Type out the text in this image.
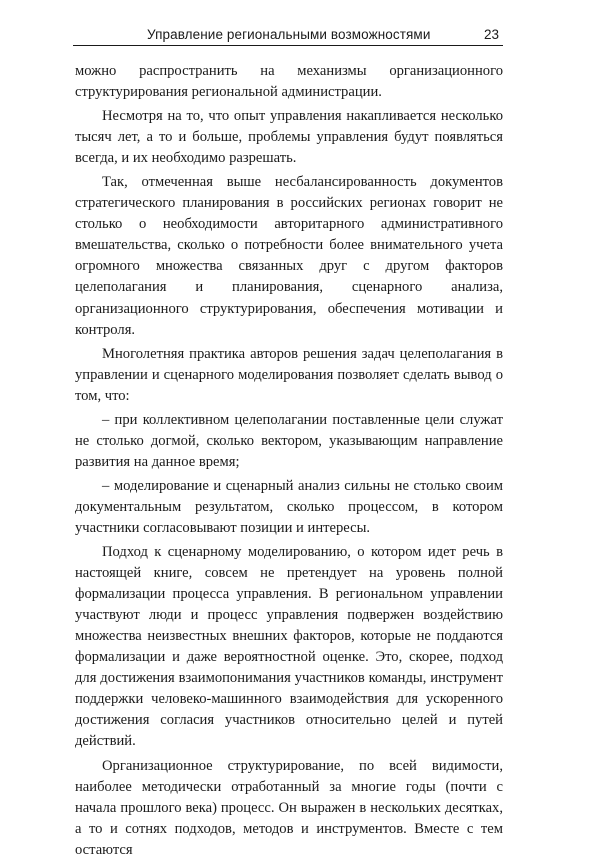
Управление региональными возможностями	23

можно распространить на механизмы организационного структурирования региональной администрации.

Несмотря на то, что опыт управления накапливается несколько тысяч лет, а то и больше, проблемы управления будут появляться всегда, и их необходимо разрешать.

Так, отмеченная выше несбалансированность документов стратегического планирования в российских регионах говорит не столько о необходимости авторитарного административного вмешательства, сколько о потребности более внимательного учета огромного множества связанных друг с другом факторов целеполагания и планирования, сценарного анализа, организационного структурирования, обеспечения мотивации и контроля.

Многолетняя практика авторов решения задач целеполагания в управлении и сценарного моделирования позволяет сделать вывод о том, что:

– при коллективном целеполагании поставленные цели служат не столько догмой, сколько вектором, указывающим направление развития на данное время;

– моделирование и сценарный анализ сильны не столько своим документальным результатом, сколько процессом, в котором участники согласовывают позиции и интересы.

Подход к сценарному моделированию, о котором идет речь в настоящей книге, совсем не претендует на уровень полной формализации процесса управления. В региональном управлении участвуют люди и процесс управления подвержен воздействию множества неизвестных внешних факторов, которые не поддаются формализации и даже вероятностной оценке. Это, скорее, подход для достижения взаимопонимания участников команды, инструмент поддержки человеко-машинного взаимодействия для ускоренного достижения согласия участников относительно целей и путей действий.

Организационное структурирование, по всей видимости, наиболее методически отработанный за многие годы (почти с начала прошлого века) процесс. Он выражен в нескольких десятках, а то и сотнях подходов, методов и инструментов. Вместе с тем остаются
